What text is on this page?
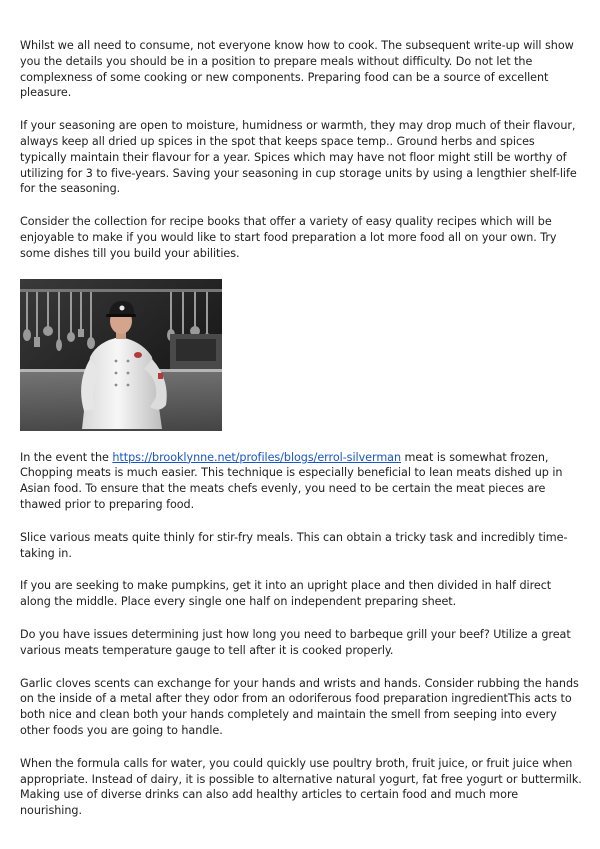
Whilst we all need to consume, not everyone know how to cook. The subsequent write-up will show you the details you should be in a position to prepare meals without difficulty. Do not let the complexness of some cooking or new components. Preparing food can be a source of excellent pleasure.

If your seasoning are open to moisture, humidness or warmth, they may drop much of their flavour, always keep all dried up spices in the spot that keeps space temp.. Ground herbs and spices typically maintain their flavour for a year. Spices which may have not floor might still be worthy of utilizing for 3 to five-years. Saving your seasoning in cup storage units by using a lengthier shelf-life for the seasoning.

Consider the collection for recipe books that offer a variety of easy quality recipes which will be enjoyable to make if you would like to start food preparation a lot more food all on your own. Try some dishes till you build your abilities.

In the event the https://brooklynne.net/profiles/blogs/errol-silverman meat is somewhat frozen, Chopping meats is much easier. This technique is especially beneficial to lean meats dished up in Asian food. To ensure that the meats chefs evenly, you need to be certain the meat pieces are thawed prior to preparing food.

Slice various meats quite thinly for stir-fry meals. This can obtain a tricky task and incredibly time-taking in.

If you are seeking to make pumpkins, get it into an upright place and then divided in half direct along the middle. Place every single one half on independent preparing sheet.

Do you have issues determining just how long you need to barbeque grill your beef? Utilize a great various meats temperature gauge to tell after it is cooked properly.

Garlic cloves scents can exchange for your hands and wrists and hands. Consider rubbing the hands on the inside of a metal after they odor from an odoriferous food preparation ingredientThis acts to both nice and clean both your hands completely and maintain the smell from seeping into every other foods you are going to handle.

When the formula calls for water, you could quickly use poultry broth, fruit juice, or fruit juice when appropriate. Instead of dairy, it is possible to alternative natural yogurt, fat free yogurt or buttermilk. Making use of diverse drinks can also add healthy articles to certain food and much more nourishing.
